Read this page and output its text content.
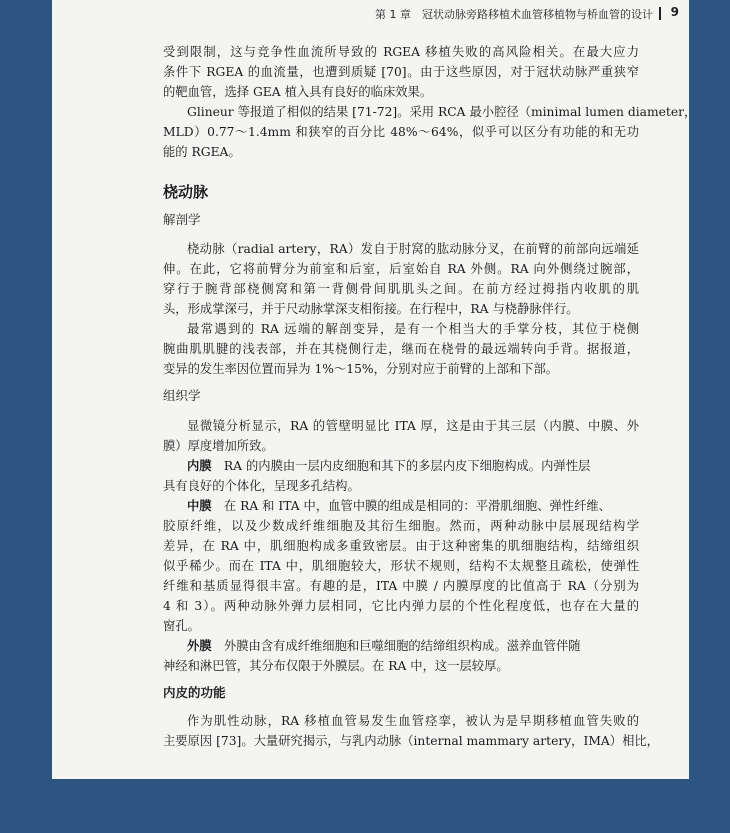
第 1 章　冠状动脉旁路移植术血管移植物与桥血管的设计 9
受到限制，这与竞争性血流所导致的 RGEA 移植失败的高风险相关。在最大应力
条件下 RGEA 的血流量，也遭到质疑 [70]。由于这些原因，对于冠状动脉严重狭窄
的靶血管，选择 GEA 植入具有良好的临床效果。
Glineur 等报道了相似的结果 [71-72]。采用 RCA 最小腔径（minimal lumen diameter，
MLD）0.77～1.4mm 和狭窄的百分比 48%～64%，似乎可以区分有功能的和无功
能的 RGEA。
桡动脉
解剖学
桡动脉（radial artery，RA）发自于肘窝的肱动脉分叉，在前臂的前部向远端延
伸。在此，它将前臂分为前室和后室，后室始自 RA 外侧。RA 向外侧绕过腕部，
穿行于腕背部桡侧窝和第一背侧骨间肌肌头之间。在前方经过拇指内收肌的肌
头，形成掌深弓，并于尺动脉掌深支相衔接。在行程中，RA 与桡静脉伴行。
最常遇到的 RA 远端的解剖变异，是有一个相当大的手掌分枝，其位于桡侧
腕曲肌肌腱的浅表部，并在其桡侧行走，继而在桡骨的最远端转向手背。据报道，
变异的发生率因位置而异为 1%～15%，分别对应于前臂的上部和下部。
组织学
显微镜分析显示，RA 的管壁明显比 ITA 厚，这是由于其三层（内膜、中膜、外
膜）厚度增加所致。
内膜　 RA 的内膜由一层内皮细胞和其下的多层内皮下细胞构成。内弹性层
具有良好的个体化，呈现多孔结构。
中膜　 在 RA 和 ITA 中，血管中膜的组成是相同的：平滑肌细胞、弹性纤维、
胶原纤维，以及少数成纤维细胞及其衍生细胞。然而，两种动脉中层展现结构学
差异，在 RA 中，肌细胞构成多重致密层。由于这种密集的肌细胞结构，结缔组织
似乎稀少。而在 ITA 中，肌细胞较大，形状不规则，结构不太规整且疏松，使弹性
纤维和基质显得很丰富。有趣的是，ITA 中膜 / 内膜厚度的比值高于 RA（分别为
4 和 3）。两种动脉外弹力层相同，它比内弹力层的个性化程度低，也存在大量的
窗孔。
外膜　 外膜由含有成纤维细胞和巨噬细胞的结缔组织构成。滋养血管伴随
神经和淋巴管，其分布仅限于外膜层。在 RA 中，这一层较厚。
内皮的功能
作为肌性动脉，RA 移植血管易发生血管痉挛，被认为是早期移植血管失败的
主要原因 [73]。大量研究揭示，与乳内动脉（internal mammary artery，IMA）相比，
